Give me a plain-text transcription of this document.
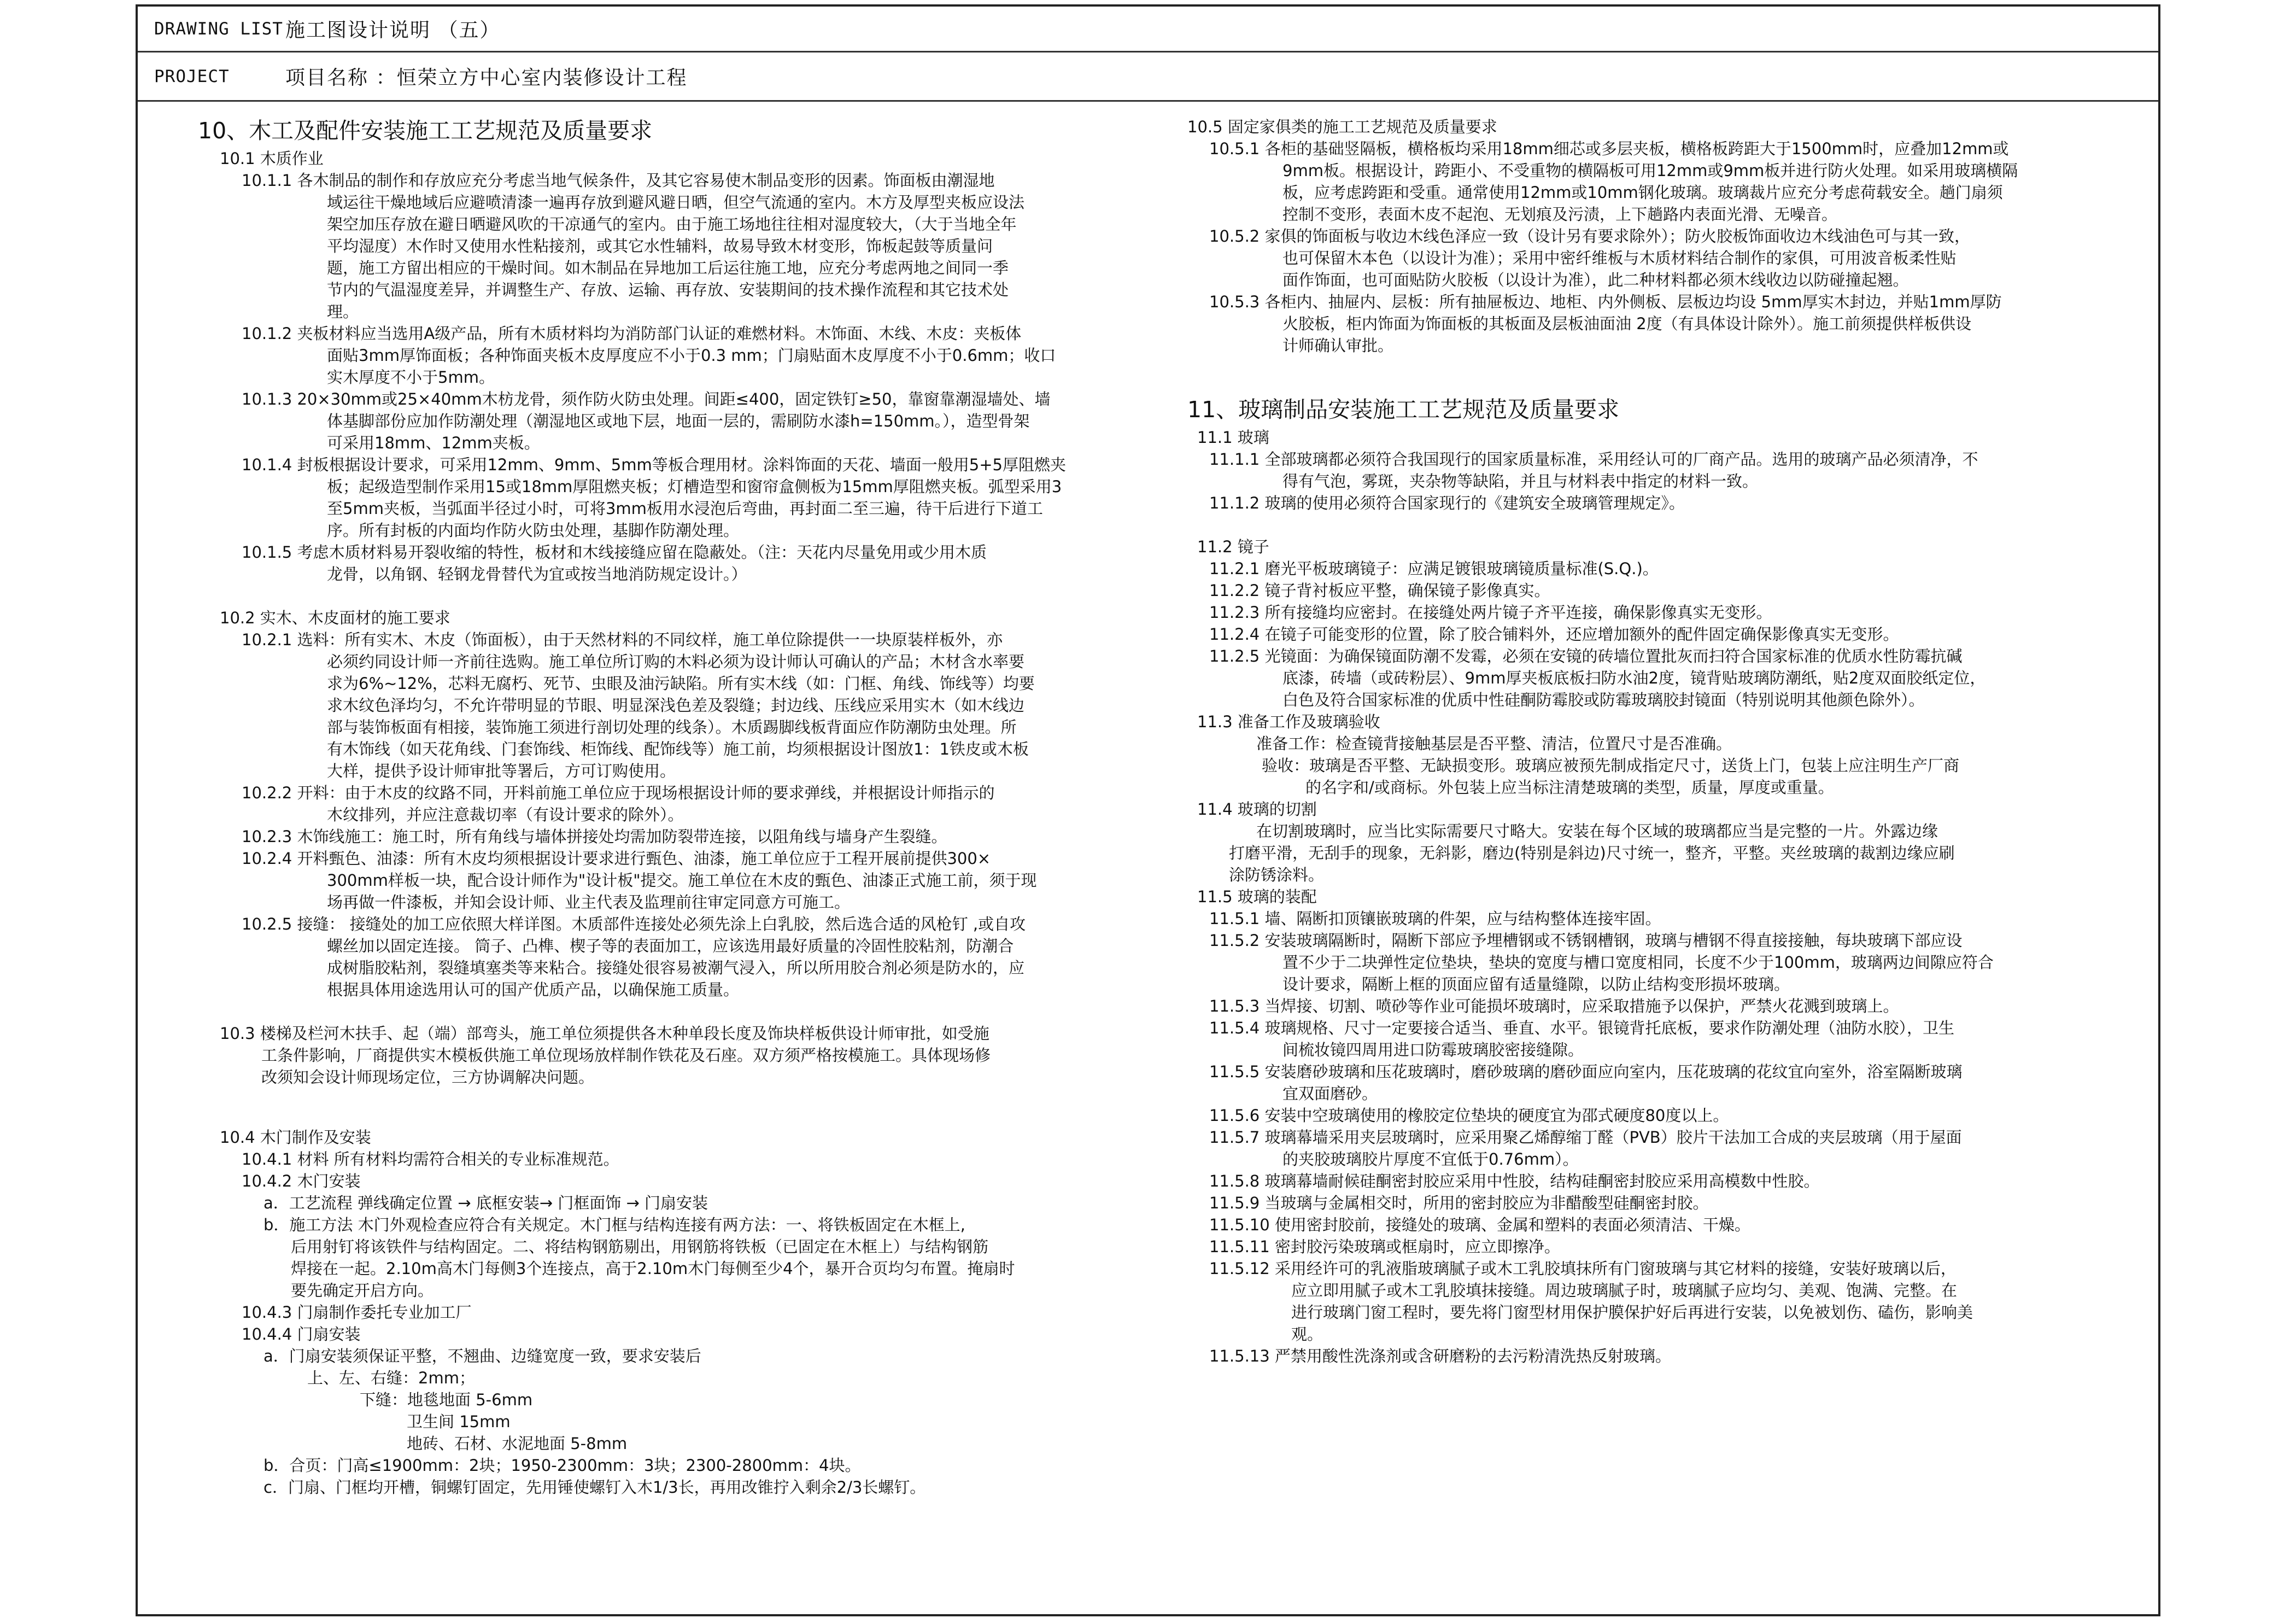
DRAWING LIST 施工图设计说明 （五）
PROJECT	项目名称 ：恒荣立方中心室内装修设计工程
10、木工及配件安装施工工艺规范及质量要求
10.1 木质作业
10.1.1 各木制品的制作和存放应充分考虑当地气候条件，及其它容易使木制品变形的因素。饰面板由潮湿地
域运往干燥地域后应避喷清漆一遍再存放到避风避日晒，但空气流通的室内。木方及厚型夹板应设法
架空加压存放在避日晒避风吹的干凉通气的室内。由于施工场地往往相对湿度较大，（大于当地全年
平均湿度）木作时又使用水性粘接剂，或其它水性辅料，故易导致木材变形，饰板起鼓等质量问
题，施工方留出相应的干燥时间。如木制品在异地加工后运往施工地，应充分考虑两地之间同一季
节内的气温湿度差异，并调整生产、存放、运输、再存放、安装期间的技术操作流程和其它技术处
理。
10.1.2 夹板材料应当选用A级产品，所有木质材料均为消防部门认证的难燃材料。木饰面、木线、木皮：夹板体
面贴3mm厚饰面板；各种饰面夹板木皮厚度应不小于0.3 mm；门扇贴面木皮厚度不小于0.6mm；收口
实木厚度不小于5mm。
10.1.3 20×30mm或25×40mm木枋龙骨，须作防火防虫处理。间距≤400，固定铁钉≥50，靠窗靠潮湿墙处、墙
体基脚部份应加作防潮处理（潮湿地区或地下层，地面一层的，需刷防水漆h=150mm。），造型骨架
可采用18mm、12mm夹板。
10.1.4 封板根据设计要求，可采用12mm、9mm、5mm等板合理用材。涂料饰面的天花、墙面一般用5+5厚阻燃夹
板；起级造型制作采用15或18mm厚阻燃夹板；灯槽造型和窗帘盒侧板为15mm厚阻燃夹板。弧型采用3
至5mm夹板，当弧面半径过小时，可将3mm板用水浸泡后弯曲，再封面二至三遍，待干后进行下道工
序。所有封板的内面均作防火防虫处理，基脚作防潮处理。
10.1.5 考虑木质材料易开裂收缩的特性，板材和木线接缝应留在隐蔽处。（注：天花内尽量免用或少用木质
龙骨，以角钢、轻钢龙骨替代为宜或按当地消防规定设计。）
10.2 实木、木皮面材的施工要求
10.2.1 选料：所有实木、木皮（饰面板），由于天然材料的不同纹样，施工单位除提供一一块原装样板外，亦
必须约同设计师一齐前往选购。施工单位所订购的木料必须为设计师认可确认的产品；木材含水率要
求为6%~12%，芯料无腐朽、死节、虫眼及油污缺陷。所有实木线（如：门框、角线、饰线等）均要
求木纹色泽均匀，不允许带明显的节眼、明显深浅色差及裂缝；封边线、压线应采用实木（如木线边
部与装饰板面有相接，装饰施工须进行剖切处理的线条）。木质踢脚线板背面应作防潮防虫处理。所
有木饰线（如天花角线、门套饰线、柜饰线、配饰线等）施工前，均须根据设计图放1：1铁皮或木板
大样，提供予设计师审批等署后，方可订购使用。
10.2.2 开料：由于木皮的纹路不同，开料前施工单位应于现场根据设计师的要求弹线，并根据设计师指示的
木纹排列，并应注意裁切率（有设计要求的除外）。
10.2.3 木饰线施工：施工时，所有角线与墙体拼接处均需加防裂带连接，以阻角线与墙身产生裂缝。
10.2.4 开料甄色、油漆：所有木皮均须根据设计要求进行甄色、油漆，施工单位应于工程开展前提供300×
300mm样板一块，配合设计师作为"设计板"提交。施工单位在木皮的甄色、油漆正式施工前，须于现
场再做一件漆板，并知会设计师、业主代表及监理前往审定同意方可施工。
10.2.5 接缝： 接缝处的加工应依照大样详图。木质部件连接处必须先涂上白乳胶，然后选合适的风枪钉 ,或自攻
螺丝加以固定连接。 筒子、凸榫、楔子等的表面加工，应该选用最好质量的冷固性胶粘剂，防潮合
成树脂胶粘剂，裂缝填塞类等来粘合。接缝处很容易被潮气浸入，所以所用胶合剂必须是防水的，应
根据具体用途选用认可的国产优质产品，以确保施工质量。
10.3 楼梯及栏河木扶手、起（端）部弯头，施工单位须提供各木种单段长度及饰块样板供设计师审批，如受施
工条件影响，厂商提供实木模板供施工单位现场放样制作铁花及石座。双方须严格按模施工。具体现场修
改须知会设计师现场定位，三方协调解决问题。
10.4 木门制作及安装
10.4.1 材料 所有材料均需符合相关的专业标准规范。
10.4.2 木门安装
a．工艺流程 弹线确定位置 → 底框安装→ 门框面饰 → 门扇安装
b．施工方法 木门外观检查应符合有关规定。木门框与结构连接有两方法：一、将铁板固定在木框上,
后用射钉将该铁件与结构固定。二、将结构钢筋剔出，用钢筋将铁板（已固定在木框上）与结构钢筋
焊接在一起。2.10m高木门每侧3个连接点，高于2.10m木门每侧至少4个，暴开合页均匀布置。掩扇时
要先确定开启方向。
10.4.3 门扇制作委托专业加工厂
10.4.4 门扇安装
a．门扇安装须保证平整，不翘曲、边缝宽度一致，要求安装后
上、左、右缝：2mm；
下缝：地毯地面 5-6mm
卫生间 15mm
地砖、石材、水泥地面 5-8mm
b．合页：门高≤1900mm：2块；1950-2300mm：3块；2300-2800mm：4块。
c．门扇、门框均开槽，铜螺钉固定，先用锤使螺钉入木1/3长，再用改锥拧入剩余2/3长螺钉。
10.5 固定家俱类的施工工艺规范及质量要求
10.5.1 各柜的基础竖隔板，横格板均采用18mm细芯或多层夹板，横格板跨距大于1500mm时，应叠加12mm或
9mm板。根据设计，跨距小、不受重物的横隔板可用12mm或9mm板并进行防火处理。如采用玻璃横隔
板，应考虑跨距和受重。通常使用12mm或10mm钢化玻璃。玻璃裁片应充分考虑荷载安全。趟门扇须
控制不变形，表面木皮不起泡、无划痕及污渍，上下趟路内表面光滑、无噪音。
10.5.2 家俱的饰面板与收边木线色泽应一致（设计另有要求除外）；防火胶板饰面收边木线油色可与其一致，
也可保留木本色（以设计为准）；采用中密纤维板与木质材料结合制作的家俱，可用波音板柔性贴
面作饰面，也可面贴防火胶板（以设计为准），此二种材料都必须木线收边以防碰撞起翘。
10.5.3 各柜内、抽屉内、层板：所有抽屉板边、地柜、内外侧板、层板边均设 5mm厚实木封边，并贴1mm厚防
火胶板，柜内饰面为饰面板的其板面及层板油面油 2度（有具体设计除外）。施工前须提供样板供设
计师确认审批。
11、玻璃制品安装施工工艺规范及质量要求
11.1 玻璃
11.1.1 全部玻璃都必须符合我国现行的国家质量标准，采用经认可的厂商产品。选用的玻璃产品必须清净，不
得有气泡，雾斑，夹杂物等缺陷，并且与材料表中指定的材料一致。
11.1.2 玻璃的使用必须符合国家现行的《建筑安全玻璃管理规定》。
11.2 镜子
11.2.1 磨光平板玻璃镜子：应满足镀银玻璃镜质量标准(S.Q.)。
11.2.2 镜子背衬板应平整，确保镜子影像真实。
11.2.3 所有接缝均应密封。在接缝处两片镜子齐平连接，确保影像真实无变形。
11.2.4 在镜子可能变形的位置，除了胶合铺料外，还应增加额外的配件固定确保影像真实无变形。
11.2.5 光镜面：为确保镜面防潮不发霉，必须在安镜的砖墙位置批灰而扫符合国家标准的优质水性防霉抗碱
底漆，砖墙（或砖粉层）、9mm厚夹板底板扫防水油2度，镜背贴玻璃防潮纸，贴2度双面胶纸定位，
白色及符合国家标准的优质中性硅酮防霉胶或防霉玻璃胶封镜面（特别说明其他颜色除外）。
11.3 准备工作及玻璃验收
准备工作：检查镜背接触基层是否平整、清洁，位置尺寸是否准确。
验收：玻璃是否平整、无缺损变形。玻璃应被预先制成指定尺寸，送货上门，包装上应注明生产厂商
的名字和/或商标。外包装上应当标注清楚玻璃的类型，质量，厚度或重量。
11.4 玻璃的切割
在切割玻璃时，应当比实际需要尺寸略大。安装在每个区域的玻璃都应当是完整的一片。外露边缘
打磨平滑，无刮手的现象，无斜影，磨边(特别是斜边)尺寸统一，整齐，平整。夹丝玻璃的裁割边缘应刷
涂防锈涂料。
11.5 玻璃的装配
11.5.1 墙、隔断扣顶镶嵌玻璃的件架，应与结构整体连接牢固。
11.5.2 安装玻璃隔断时，隔断下部应予埋槽钢或不锈钢槽钢，玻璃与槽钢不得直接接触，每块玻璃下部应设
置不少于二块弹性定位垫块，垫块的宽度与槽口宽度相同，长度不少于100mm，玻璃两边间隙应符合
设计要求，隔断上框的顶面应留有适量缝隙，以防止结构变形损坏玻璃。
11.5.3 当焊接、切割、喷砂等作业可能损坏玻璃时，应采取措施予以保护，严禁火花溅到玻璃上。
11.5.4 玻璃规格、尺寸一定要接合适当、垂直、水平。银镜背托底板，要求作防潮处理（油防水胶），卫生
间梳妆镜四周用进口防霉玻璃胶密接缝隙。
11.5.5 安装磨砂玻璃和压花玻璃时，磨砂玻璃的磨砂面应向室内，压花玻璃的花纹宜向室外，浴室隔断玻璃
宜双面磨砂。
11.5.6 安装中空玻璃使用的橡胶定位垫块的硬度宜为邵式硬度80度以上。
11.5.7 玻璃幕墙采用夹层玻璃时，应采用聚乙烯醇缩丁醛（PVB）胶片干法加工合成的夹层玻璃（用于屋面
的夹胶玻璃胶片厚度不宜低于0.76mm）。
11.5.8 玻璃幕墙耐候硅酮密封胶应采用中性胶，结构硅酮密封胶应采用高模数中性胶。
11.5.9 当玻璃与金属相交时，所用的密封胶应为非醋酸型硅酮密封胶。
11.5.10 使用密封胶前，接缝处的玻璃、金属和塑料的表面必须清洁、干燥。
11.5.11 密封胶污染玻璃或框扇时，应立即擦净。
11.5.12 采用经许可的乳液脂玻璃腻子或木工乳胶填抹所有门窗玻璃与其它材料的接缝，安装好玻璃以后，
应立即用腻子或木工乳胶填抹接缝。周边玻璃腻子时，玻璃腻子应均匀、美观、饱满、完整。在
进行玻璃门窗工程时，要先将门窗型材用保护膜保护好后再进行安装，以免被划伤、磕伤，影响美
观。
11.5.13 严禁用酸性洗涤剂或含研磨粉的去污粉清洗热反射玻璃。
